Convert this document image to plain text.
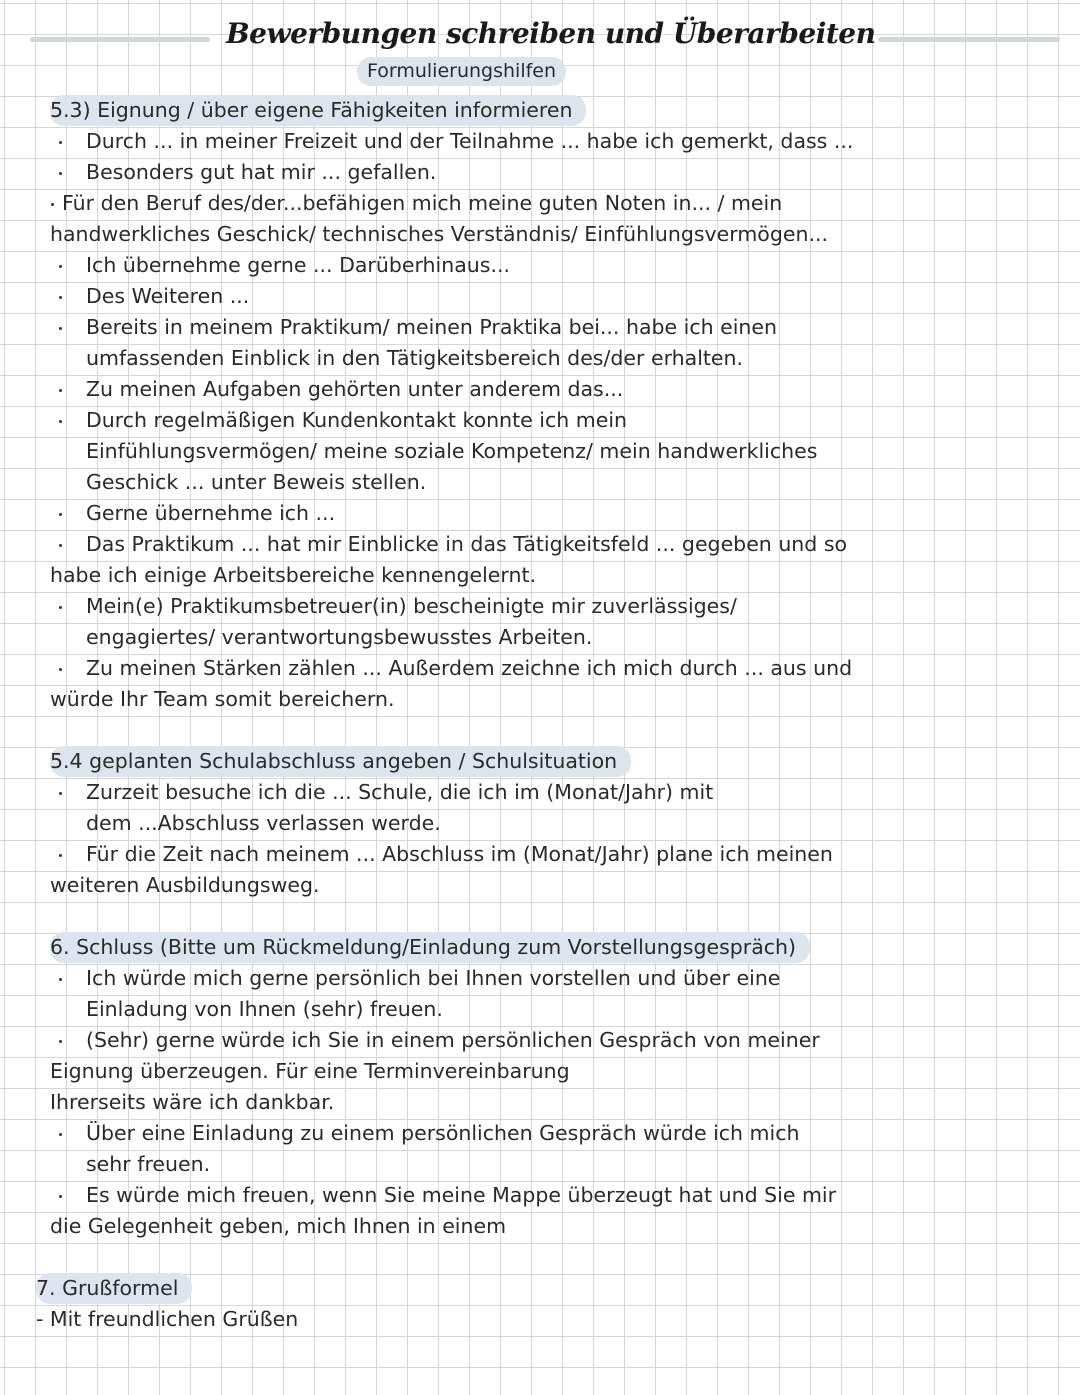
Bewerbungen schreiben und Überarbeiten
Formulierungshilfen
5.3) Eignung / über eigene Fähigkeiten informieren
Durch ... in meiner Freizeit und der Teilnahme ... habe ich gemerkt, dass ...
Besonders gut hat mir ... gefallen.
Für den Beruf des/der...befähigen mich meine guten Noten in... / mein
handwerkliches Geschick/ technisches Verständnis/ Einfühlungsvermögen...
Ich übernehme gerne ... Darüberhinaus...
Des Weiteren ...
Bereits in meinem Praktikum/ meinen Praktika bei... habe ich einen
umfassenden Einblick in den Tätigkeitsbereich des/der erhalten.
Zu meinen Aufgaben gehörten unter anderem das...
Durch regelmäßigen Kundenkontakt konnte ich mein
Einfühlungsvermögen/ meine soziale Kompetenz/ mein handwerkliches
Geschick ... unter Beweis stellen.
Gerne übernehme ich ...
Das Praktikum ... hat mir Einblicke in das Tätigkeitsfeld ... gegeben und so
habe ich einige Arbeitsbereiche kennengelernt.
Mein(e) Praktikumsbetreuer(in) bescheinigte mir zuverlässiges/
engagiertes/ verantwortungsbewusstes Arbeiten.
Zu meinen Stärken zählen ... Außerdem zeichne ich mich durch ... aus und
würde Ihr Team somit bereichern.
5.4 geplanten Schulabschluss angeben / Schulsituation
Zurzeit besuche ich die ... Schule, die ich im (Monat/Jahr) mit
dem ...Abschluss verlassen werde.
Für die Zeit nach meinem ... Abschluss im (Monat/Jahr) plane ich meinen
weiteren Ausbildungsweg.
6. Schluss (Bitte um Rückmeldung/Einladung zum Vorstellungsgespräch)
Ich würde mich gerne persönlich bei Ihnen vorstellen und über eine
Einladung von Ihnen (sehr) freuen.
(Sehr) gerne würde ich Sie in einem persönlichen Gespräch von meiner
Eignung überzeugen. Für eine Terminvereinbarung
Ihrerseits wäre ich dankbar.
Über eine Einladung zu einem persönlichen Gespräch würde ich mich
sehr freuen.
Es würde mich freuen, wenn Sie meine Mappe überzeugt hat und Sie mir
die Gelegenheit geben, mich Ihnen in einem
7. Grußformel
- Mit freundlichen Grüßen
